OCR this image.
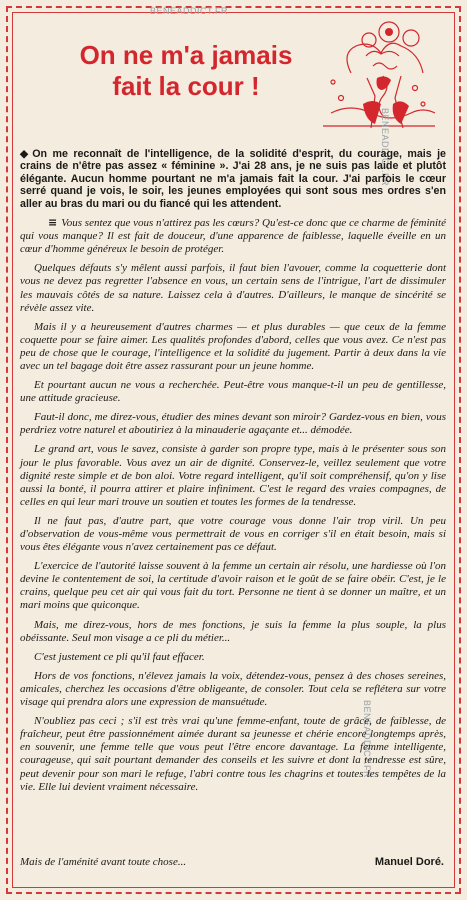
On ne m'a jamais
fait la cour !
BENEADDICT.FR
BENEADDICT.FR
BENEADDICT.FR

◆ On me reconnaît de l'intelligence, de la solidité d'esprit, du courage, mais je crains de n'être pas assez « féminine ». J'ai 28 ans, je ne suis pas laide et plutôt élégante. Aucun homme pourtant ne m'a jamais fait la cour. J'ai parfois le cœur serré quand je vois, le soir, les jeunes employées qui sont sous mes ordres s'en aller au bras du mari ou du fiancé qui les attendent.

≡ Vous sentez que vous n'attirez pas les cœurs? Qu'est-ce donc que ce charme de féminité qui vous manque? Il est fait de douceur, d'une apparence de faiblesse, laquelle éveille en un cœur d'homme généreux le besoin de protéger.

Quelques défauts s'y mêlent aussi parfois, il faut bien l'avouer, comme la coquetterie dont vous ne devez pas regretter l'absence en vous, un certain sens de l'intrigue, l'art de dissimuler les mauvais côtés de sa nature. Laissez cela à d'autres. D'ailleurs, le manque de sincérité se révèle assez vite.

Mais il y a heureusement d'autres charmes — et plus durables — que ceux de la femme coquette pour se faire aimer. Les qualités profondes d'abord, celles que vous avez. Ce n'est pas peu de chose que le courage, l'intelligence et la solidité du jugement. Partir à deux dans la vie avec un tel bagage doit être assez rassurant pour un jeune homme.

Et pourtant aucun ne vous a recherchée. Peut-être vous manque-t-il un peu de gentillesse, une attitude gracieuse.

Faut-il donc, me direz-vous, étudier des mines devant son miroir? Gardez-vous en bien, vous perdriez votre naturel et aboutiriez à la minauderie agaçante et... démodée.

Le grand art, vous le savez, consiste à garder son propre type, mais à le présenter sous son jour le plus favorable. Vous avez un air de dignité. Conservez-le, veillez seulement que votre dignité reste simple et de bon aloi. Votre regard intelligent, qu'il soit compréhensif, qu'on y lise aussi la bonté, il pourra attirer et plaire infiniment. C'est le regard des vraies compagnes, de celles en qui leur mari trouve un soutien et toutes les formes de la tendresse.

Il ne faut pas, d'autre part, que votre courage vous donne l'air trop viril. Un peu d'observation de vous-même vous permettrait de vous en corriger s'il en était besoin, mais si vous êtes élégante vous n'avez certainement pas ce défaut.

L'exercice de l'autorité laisse souvent à la femme un certain air résolu, une hardiesse où l'on devine le contentement de soi, la certitude d'avoir raison et le goût de se faire obéir. C'est, je le crains, quelque peu cet air qui vous fait du tort. Personne ne tient à se donner un maître, et un mari moins que quiconque.

Mais, me direz-vous, hors de mes fonctions, je suis la femme la plus souple, la plus obéissante. Seul mon visage a ce pli du métier...

C'est justement ce pli qu'il faut effacer.

Hors de vos fonctions, n'élevez jamais la voix, détendez-vous, pensez à des choses sereines, amicales, cherchez les occasions d'être obligeante, de consoler. Tout cela se reflétera sur votre visage qui prendra alors une expression de mansuétude.

N'oubliez pas ceci ; s'il est très vrai qu'une femme-enfant, toute de grâce, de faiblesse, de fraîcheur, peut être passionnément aimée durant sa jeunesse et chérie encore longtemps après, en souvenir, une femme telle que vous peut l'être encore davantage. La femme intelligente, courageuse, qui sait pourtant demander des conseils et les suivre et dont la tendresse est sûre, peut devenir pour son mari le refuge, l'abri contre tous les chagrins et toutes les tempêtes de la vie. Elle lui devient vraiment nécessaire.

Mais de l'aménité avant toute chose...	Manuel Doré.
